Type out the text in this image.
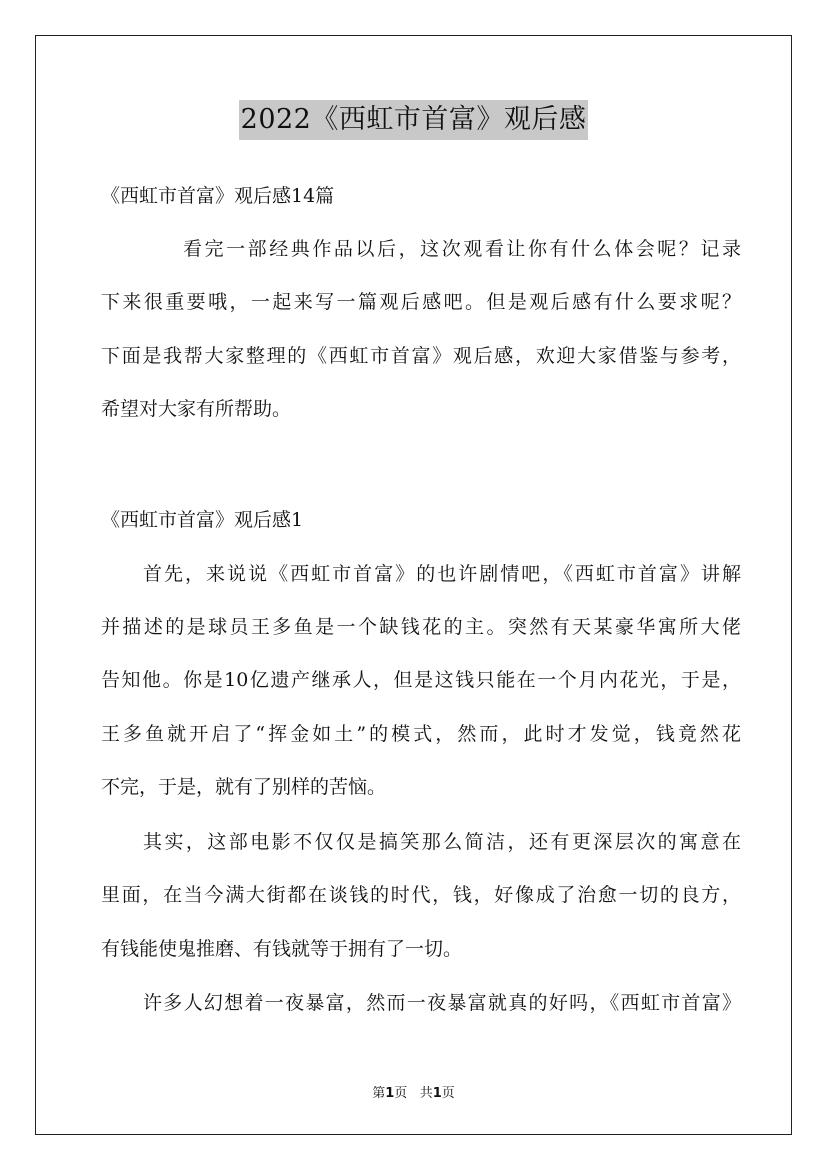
2022《西虹市首富》观后感
《西虹市首富》观后感14篇
看完一部经典作品以后，这次观看让你有什么体会呢？记录
下来很重要哦，一起来写一篇观后感吧。但是观后感有什么要求呢？
下面是我帮大家整理的《西虹市首富》观后感，欢迎大家借鉴与参考，
希望对大家有所帮助。
《西虹市首富》观后感1
首先，来说说《西虹市首富》的也许剧情吧，《西虹市首富》讲解
并描述的是球员王多鱼是一个缺钱花的主。突然有天某豪华寓所大佬
告知他。你是10亿遗产继承人，但是这钱只能在一个月内花光，于是，
王多鱼就开启了“挥金如土”的模式，然而，此时才发觉，钱竟然花
不完，于是，就有了别样的苦恼。
其实，这部电影不仅仅是搞笑那么简洁，还有更深层次的寓意在
里面，在当今满大街都在谈钱的时代，钱，好像成了治愈一切的良方，
有钱能使鬼推磨、有钱就等于拥有了一切。
许多人幻想着一夜暴富，然而一夜暴富就真的好吗，《西虹市首富》
第1页 共1页
